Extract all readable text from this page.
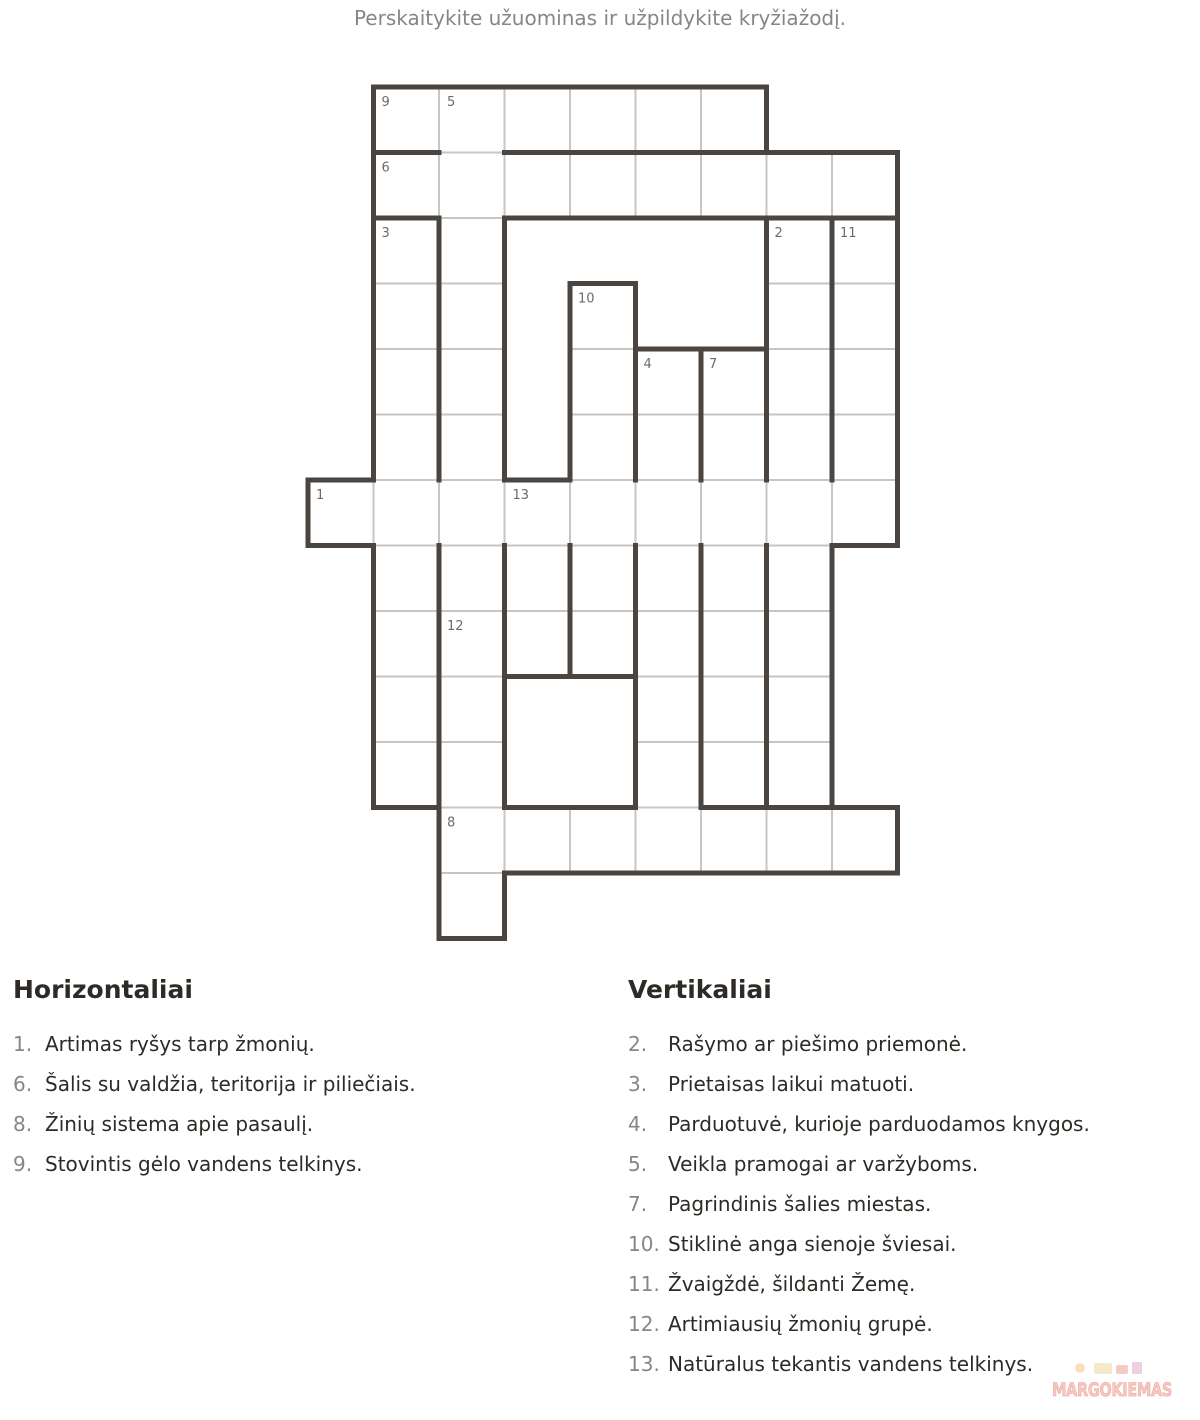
Perskaitykite užuominas ir užpildykite kryžiažodį.
9
6
1
8
5
3	2	11
10
4	7
13
12
Horizontaliai
1. Artimas ryšys tarp žmonių.
6. Šalis su valdžia, teritorija ir piliečiais.
8. Žinių sistema apie pasaulį.
9. Stovintis gėlo vandens telkinys.
Vertikaliai
2. Rašymo ar piešimo priemonė.
3. Prietaisas laikui matuoti.
4. Parduotuvė, kurioje parduodamos knygos.
5. Veikla pramogai ar varžyboms.
7. Pagrindinis šalies miestas.
10. Stiklinė anga sienoje šviesai.
11. Žvaigždė, šildanti Žemę.
12. Artimiausių žmonių grupė.
13. Natūralus tekantis vandens telkinys.
MARGOKIEMAS
